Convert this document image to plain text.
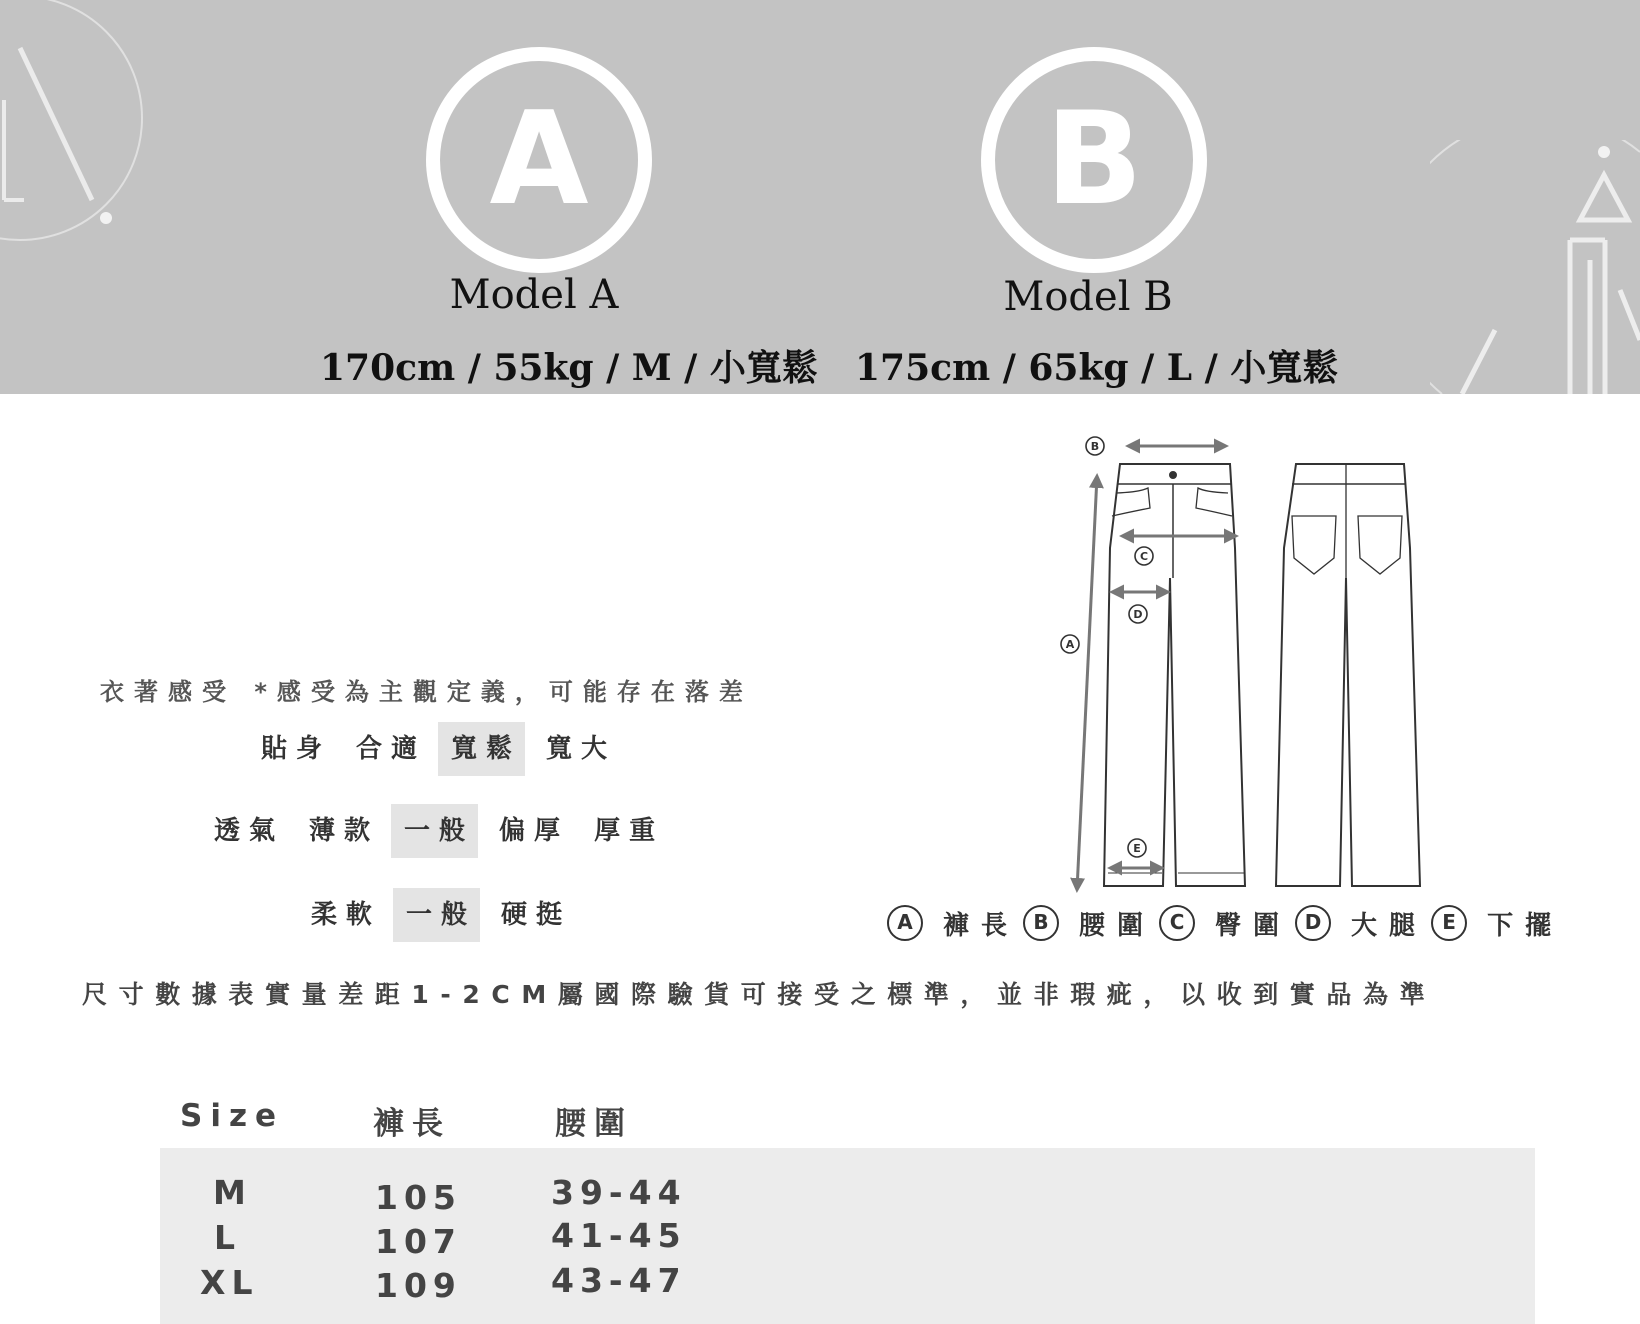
A
Model A
170cm / 55kg / M / 小寬鬆
B
Model B
175cm / 65kg / L / 小寬鬆
衣著感受 *感受為主觀定義，可能存在落差
貼身 合適 寬鬆 寬大
透氣 薄款 一般 偏厚 厚重
柔軟 一般 硬挺
B
C
D
A
E
A	褲長 B	腰圍 C	臀圍 D	大腿 E	下擺
尺寸數據表實量差距1-2CM屬國際驗貨可接受之標準，並非瑕疵，以收到實品為準
Size	褲長	腰圍
M	105	39-44
L	107	41-45
XL	109	43-47
